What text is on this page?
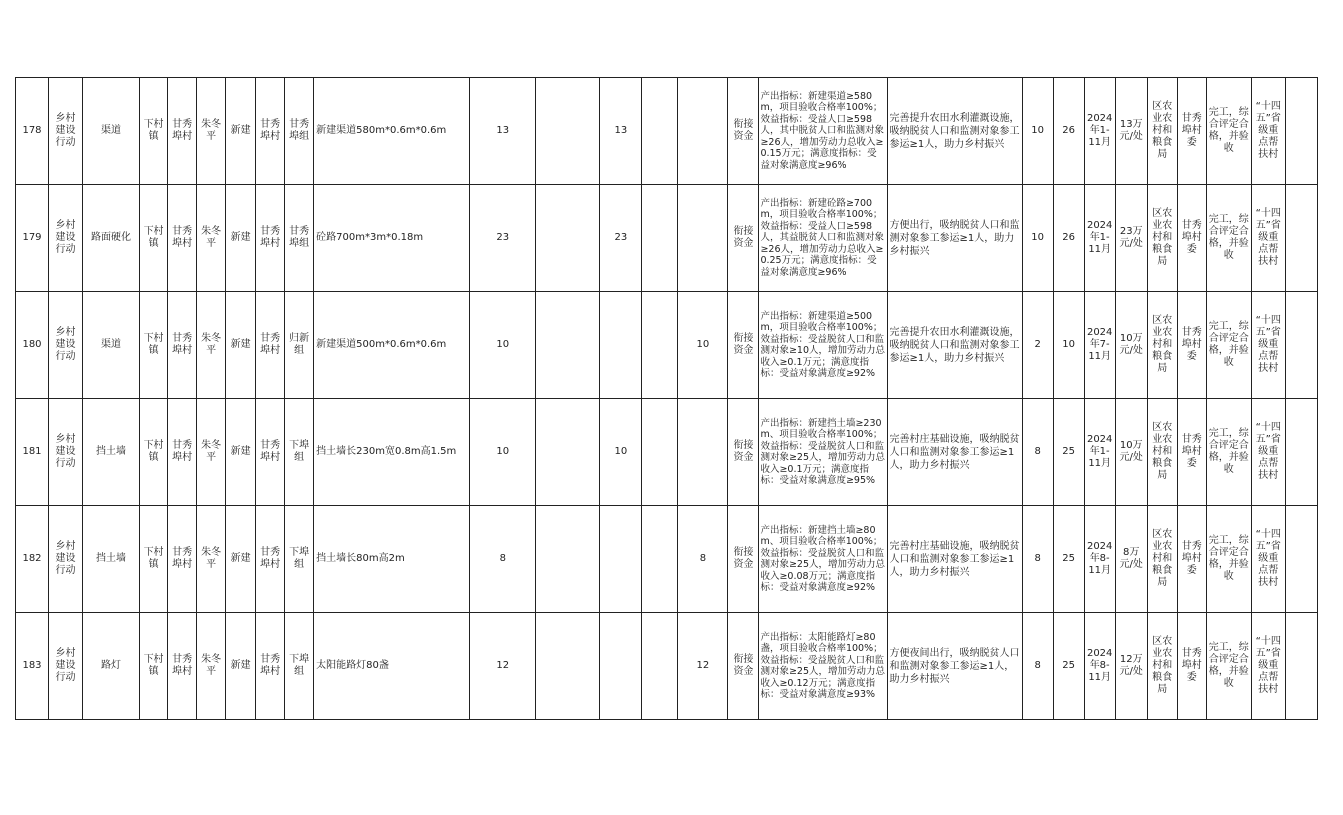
178	乡村建设行动	渠道	下村镇	甘秀埠村	朱冬平	新建	甘秀埠村	甘秀埠组	新建渠道580m*0.6m*0.6m	13		13			衔接资金	产出指标：新建渠道≥580m，项目验收合格率100%；效益指标：受益人口≥598人，其中脱贫人口和监测对象≥26人，增加劳动力总收入≥0.15万元；满意度指标：受益对象满意度≥96%	完善提升农田水利灌溉设施，吸纳脱贫人口和监测对象参工参运≥1人，助力乡村振兴	10	26	2024年1-11月	13万元/处	区农业农村和粮食局	甘秀埠村委	完工，综合评定合格，并验收	“十四五”省级重点帮扶村	
179	乡村建设行动	路面硬化	下村镇	甘秀埠村	朱冬平	新建	甘秀埠村	甘秀埠组	砼路700m*3m*0.18m	23		23			衔接资金	产出指标：新建砼路≥700m，项目验收合格率100%；效益指标：受益人口≥598人，其益脱贫人口和监测对象≥26人，增加劳动力总收入≥0.25万元；满意度指标：受益对象满意度≥96%	方便出行，吸纳脱贫人口和监测对象参工参运≥1人，助力乡村振兴	10	26	2024年1-11月	23万元/处	区农业农村和粮食局	甘秀埠村委	完工，综合评定合格，并验收	“十四五”省级重点帮扶村	
180	乡村建设行动	渠道	下村镇	甘秀埠村	朱冬平	新建	甘秀埠村	归新组	新建渠道500m*0.6m*0.6m	10				10	衔接资金	产出指标：新建渠道≥500m，项目验收合格率100%；效益指标：受益脱贫人口和监测对象≥10人，增加劳动力总收入≥0.1万元；满意度指标：受益对象满意度≥92%	完善提升农田水利灌溉设施，吸纳脱贫人口和监测对象参工参运≥1人，助力乡村振兴	2	10	2024年7-11月	10万元/处	区农业农村和粮食局	甘秀埠村委	完工，综合评定合格，并验收	“十四五”省级重点帮扶村	
181	乡村建设行动	挡土墙	下村镇	甘秀埠村	朱冬平	新建	甘秀埠村	下埠组	挡土墙长230m宽0.8m高1.5m	10		10			衔接资金	产出指标：新建挡土墙≥230m、项目验收合格率100%；效益指标：受益脱贫人口和监测对象≥25人，增加劳动力总收入≥0.1万元；满意度指标：受益对象满意度≥95%	完善村庄基础设施，吸纳脱贫人口和监测对象参工参运≥1人，助力乡村振兴	8	25	2024年1-11月	10万元/处	区农业农村和粮食局	甘秀埠村委	完工，综合评定合格，并验收	“十四五”省级重点帮扶村	
182	乡村建设行动	挡土墙	下村镇	甘秀埠村	朱冬平	新建	甘秀埠村	下埠组	挡土墙长80m高2m	8				8	衔接资金	产出指标：新建挡土墙≥80m、项目验收合格率100%；效益指标：受益脱贫人口和监测对象≥25人，增加劳动力总收入≥0.08万元；满意度指标：受益对象满意度≥92%	完善村庄基础设施，吸纳脱贫人口和监测对象参工参运≥1人，助力乡村振兴	8	25	2024年8-11月	8万元/处	区农业农村和粮食局	甘秀埠村委	完工，综合评定合格，并验收	“十四五”省级重点帮扶村	
183	乡村建设行动	路灯	下村镇	甘秀埠村	朱冬平	新建	甘秀埠村	下埠组	太阳能路灯80盏	12				12	衔接资金	产出指标：太阳能路灯≥80盏，项目验收合格率100%；效益指标：受益脱贫人口和监测对象≥25人，增加劳动力总收入≥0.12万元；满意度指标：受益对象满意度≥93%	方便夜间出行，吸纳脱贫人口和监测对象参工参运≥1人，助力乡村振兴	8	25	2024年8-11月	12万元/处	区农业农村和粮食局	甘秀埠村委	完工，综合评定合格，并验收	“十四五”省级重点帮扶村	
